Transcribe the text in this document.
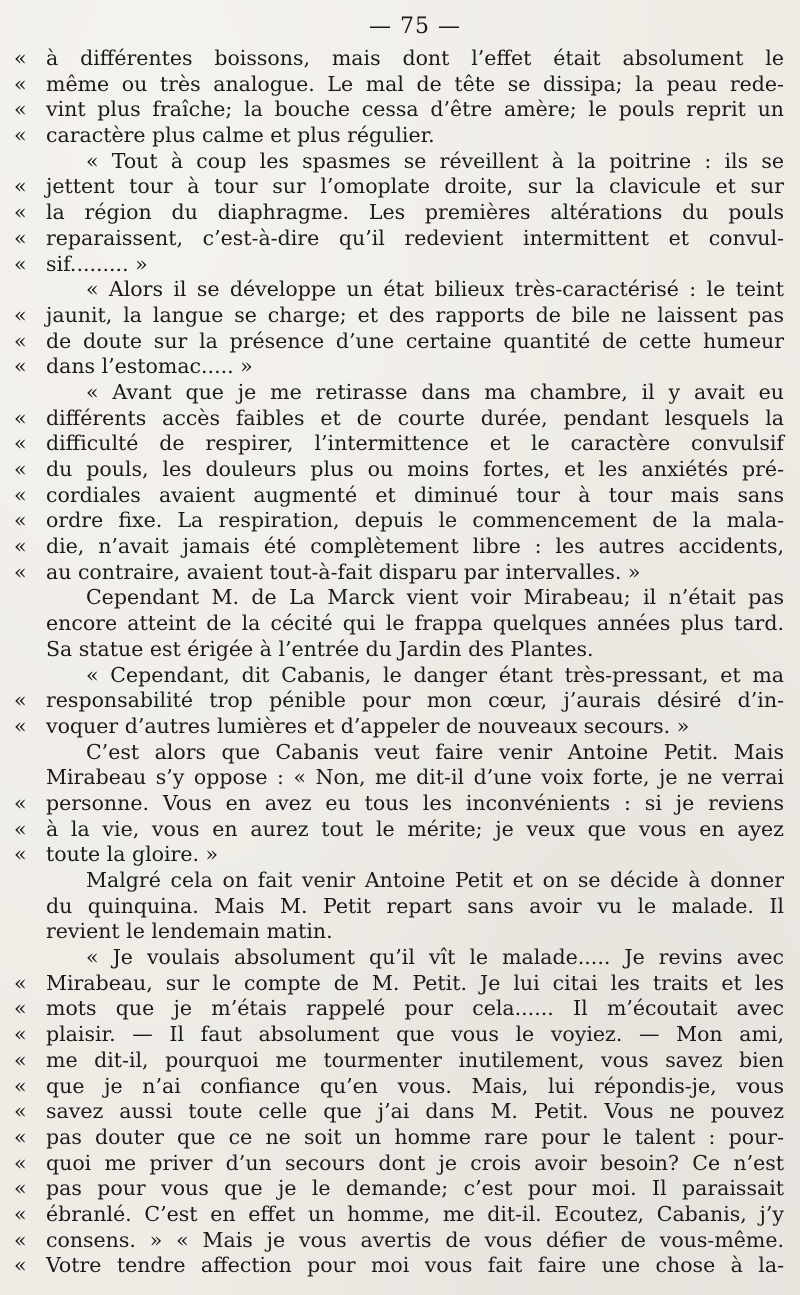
— 75 —
« à différentes boissons, mais dont l’effet était absolument le
« même ou très analogue. Le mal de tête se dissipa; la peau rede-
« vint plus fraîche; la bouche cessa d’être amère; le pouls reprit un
« caractère plus calme et plus régulier.
« Tout à coup les spasmes se réveillent à la poitrine : ils se
« jettent tour à tour sur l’omoplate droite, sur la clavicule et sur
« la région du diaphragme. Les premières altérations du pouls
« reparaissent, c’est-à-dire qu’il redevient intermittent et convul-
« sif......... »
« Alors il se développe un état bilieux très-caractérisé : le teint
« jaunit, la langue se charge; et des rapports de bile ne laissent pas
« de doute sur la présence d’une certaine quantité de cette humeur
« dans l’estomac..... »
« Avant que je me retirasse dans ma chambre, il y avait eu
« différents accès faibles et de courte durée, pendant lesquels la
« difficulté de respirer, l’intermittence et le caractère convulsif
« du pouls, les douleurs plus ou moins fortes, et les anxiétés pré-
« cordiales avaient augmenté et diminué tour à tour mais sans
« ordre fixe. La respiration, depuis le commencement de la mala-
« die, n’avait jamais été complètement libre : les autres accidents,
« au contraire, avaient tout-à-fait disparu par intervalles. »
Cependant M. de La Marck vient voir Mirabeau; il n’était pas
encore atteint de la cécité qui le frappa quelques années plus tard.
Sa statue est érigée à l’entrée du Jardin des Plantes.
« Cependant, dit Cabanis, le danger étant très-pressant, et ma
« responsabilité trop pénible pour mon cœur, j’aurais désiré d’in-
« voquer d’autres lumières et d’appeler de nouveaux secours. »
C’est alors que Cabanis veut faire venir Antoine Petit. Mais
Mirabeau s’y oppose : « Non, me dit-il d’une voix forte, je ne verrai
« personne. Vous en avez eu tous les inconvénients : si je reviens
« à la vie, vous en aurez tout le mérite; je veux que vous en ayez
« toute la gloire. »
Malgré cela on fait venir Antoine Petit et on se décide à donner
du quinquina. Mais M. Petit repart sans avoir vu le malade. Il
revient le lendemain matin.
« Je voulais absolument qu’il vît le malade..... Je revins avec
« Mirabeau, sur le compte de M. Petit. Je lui citai les traits et les
« mots que je m’étais rappelé pour cela...... Il m’écoutait avec
« plaisir. — Il faut absolument que vous le voyiez. — Mon ami,
« me dit-il, pourquoi me tourmenter inutilement, vous savez bien
« que je n’ai confiance qu’en vous. Mais, lui répondis-je, vous
« savez aussi toute celle que j’ai dans M. Petit. Vous ne pouvez
« pas douter que ce ne soit un homme rare pour le talent : pour-
« quoi me priver d’un secours dont je crois avoir besoin? Ce n’est
« pas pour vous que je le demande; c’est pour moi. Il paraissait
« ébranlé. C’est en effet un homme, me dit-il. Ecoutez, Cabanis, j’y
« consens. » « Mais je vous avertis de vous défier de vous-même.
« Votre tendre affection pour moi vous fait faire une chose à la-
